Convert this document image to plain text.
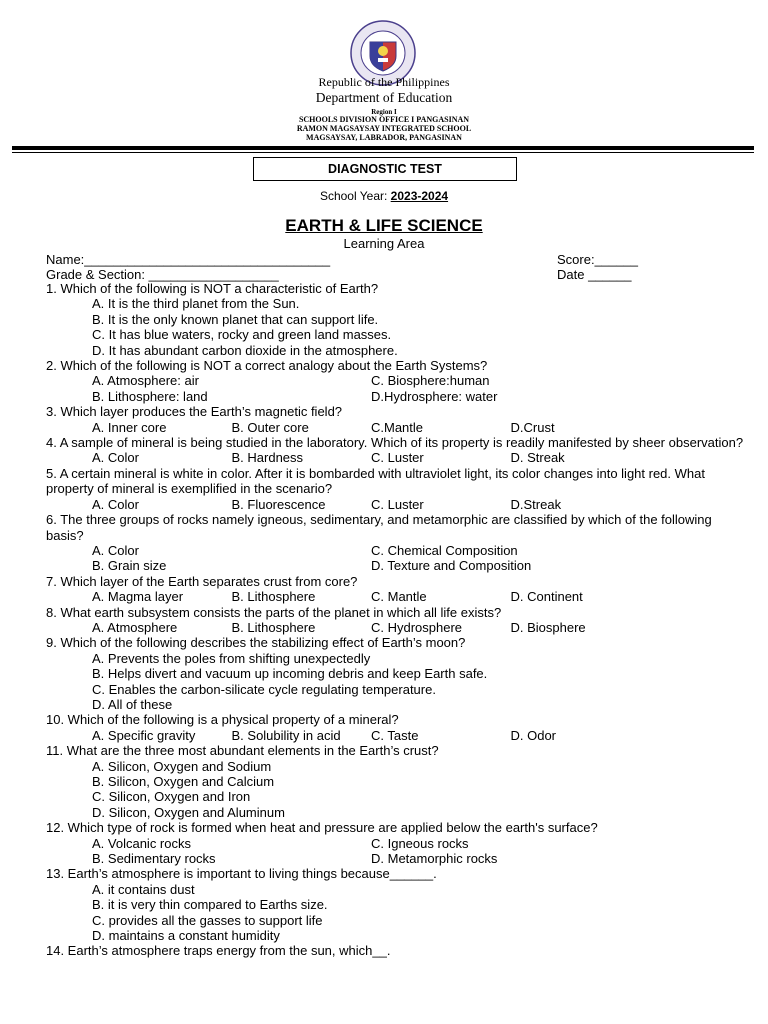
Republic of the Philippines
Department of Education
Region I
SCHOOLS DIVISION OFFICE I PANGASINAN
RAMON MAGSAYSAY INTEGRATED SCHOOL
MAGSAYSAY, LABRADOR, PANGASINAN
DIAGNOSTIC TEST
School Year: 2023-2024
EARTH & LIFE SCIENCE
Learning Area
Name:__________________________________	Score:______
Grade & Section: __________________	Date ______
1. Which of the following is NOT a characteristic of Earth?
A. It is the third planet from the Sun.
B. It is the only known planet that can support life.
C. It has blue waters, rocky and green land masses.
D. It has abundant carbon dioxide in the atmosphere.
2. Which of the following is NOT a correct analogy about the Earth Systems?
A. Atmosphere: air	C. Biosphere:human
B. Lithosphere: land	D.Hydrosphere: water
3. Which layer produces the Earth’s magnetic field?
A. Inner core	B. Outer core	C.Mantle	D.Crust
4. A sample of mineral is being studied in the laboratory. Which of its property is readily manifested by sheer observation?
A. Color	B. Hardness	C. Luster	D. Streak
5. A certain mineral is white in color. After it is bombarded with ultraviolet light, its color changes into light red. What property of mineral is exemplified in the scenario?
A. Color	B. Fluorescence	C. Luster	D.Streak
6. The three groups of rocks namely igneous, sedimentary, and metamorphic are classified by which of the following basis?
A. Color	C. Chemical Composition
B. Grain size	D. Texture and Composition
7. Which layer of the Earth separates crust from core?
A. Magma layer	B. Lithosphere	C. Mantle	D. Continent
8. What earth subsystem consists the parts of the planet in which all life exists?
A. Atmosphere	B. Lithosphere	C. Hydrosphere	D. Biosphere
9. Which of the following describes the stabilizing effect of Earth’s moon?
A. Prevents the poles from shifting unexpectedly
B. Helps divert and vacuum up incoming debris and keep Earth safe.
C. Enables the carbon-silicate cycle regulating temperature.
D. All of these
10. Which of the following is a physical property of a mineral?
A. Specific gravity	B. Solubility in acid	C. Taste	D. Odor
11. What are the three most abundant elements in the Earth’s crust?
A. Silicon, Oxygen and Sodium
B. Silicon, Oxygen and Calcium
C. Silicon, Oxygen and Iron
D. Silicon, Oxygen and Aluminum
12. Which type of rock is formed when heat and pressure are applied below the earth's surface?
A. Volcanic rocks	C. Igneous rocks
B. Sedimentary rocks	D. Metamorphic rocks
13. Earth’s atmosphere is important to living things because______.
A. it contains dust
B. it is very thin compared to Earths size.
C. provides all the gasses to support life
D. maintains a constant humidity
14. Earth’s atmosphere traps energy from the sun, which__.
